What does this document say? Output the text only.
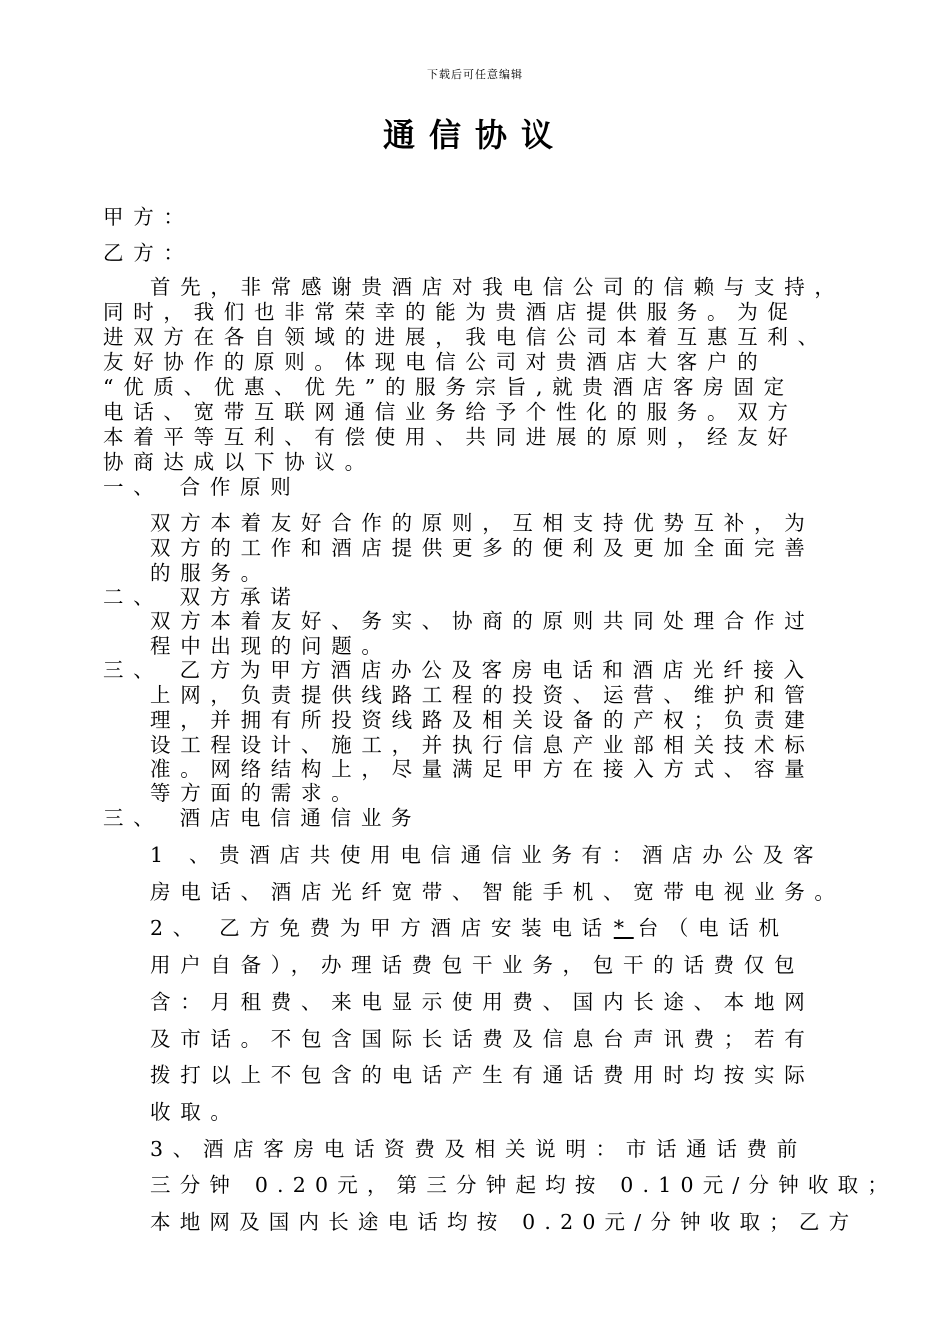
下载后可任意编辑
通信协议
甲方：
乙方：
首先，非常感谢贵酒店对我电信公司的信赖与支持，
同时，我们也非常荣幸的能为贵酒店提供服务。为促
进双方在各自领域的进展，我电信公司本着互惠互利、
友好协作的原则。体现电信公司对贵酒店大客户的
“优质、优惠、优先”的服务宗旨,就贵酒店客房固定
电话、宽带互联网通信业务给予个性化的服务。双方
本着平等互利、有偿使用、共同进展的原则，经友好
协商达成以下协议。
一、 合作原则
双方本着友好合作的原则，互相支持优势互补，为
双方的工作和酒店提供更多的便利及更加全面完善
的服务。
二、 双方承诺
双方本着友好、务实、协商的原则共同处理合作过
程中出现的问题。
三、 乙方为甲方酒店办公及客房电话和酒店光纤接入
上网，负责提供线路工程的投资、运营、维护和管
理，并拥有所投资线路及相关设备的产权；负责建
设工程设计、施工，并执行信息产业部相关技术标
准。网络结构上，尽量满足甲方在接入方式、容量
等方面的需求。
三、 酒店电信通信业务
1 、贵酒店共使用电信通信业务有：酒店办公及客
房电话、酒店光纤宽带、智能手机、宽带电视业务。
2、 乙方免费为甲方酒店安装电话*台（电话机
用户自备），办理话费包干业务，包干的话费仅包
含：月租费、来电显示使用费、国内长途、本地网
及市话。不包含国际长话费及信息台声讯费；若有
拨打以上不包含的电话产生有通话费用时均按实际
收取。
3、酒店客房电话资费及相关说明：市话通话费前
三分钟 0.20元，第三分钟起均按 0.10元/分钟收取；
本地网及国内长途电话均按 0.20元/分钟收取；乙方
